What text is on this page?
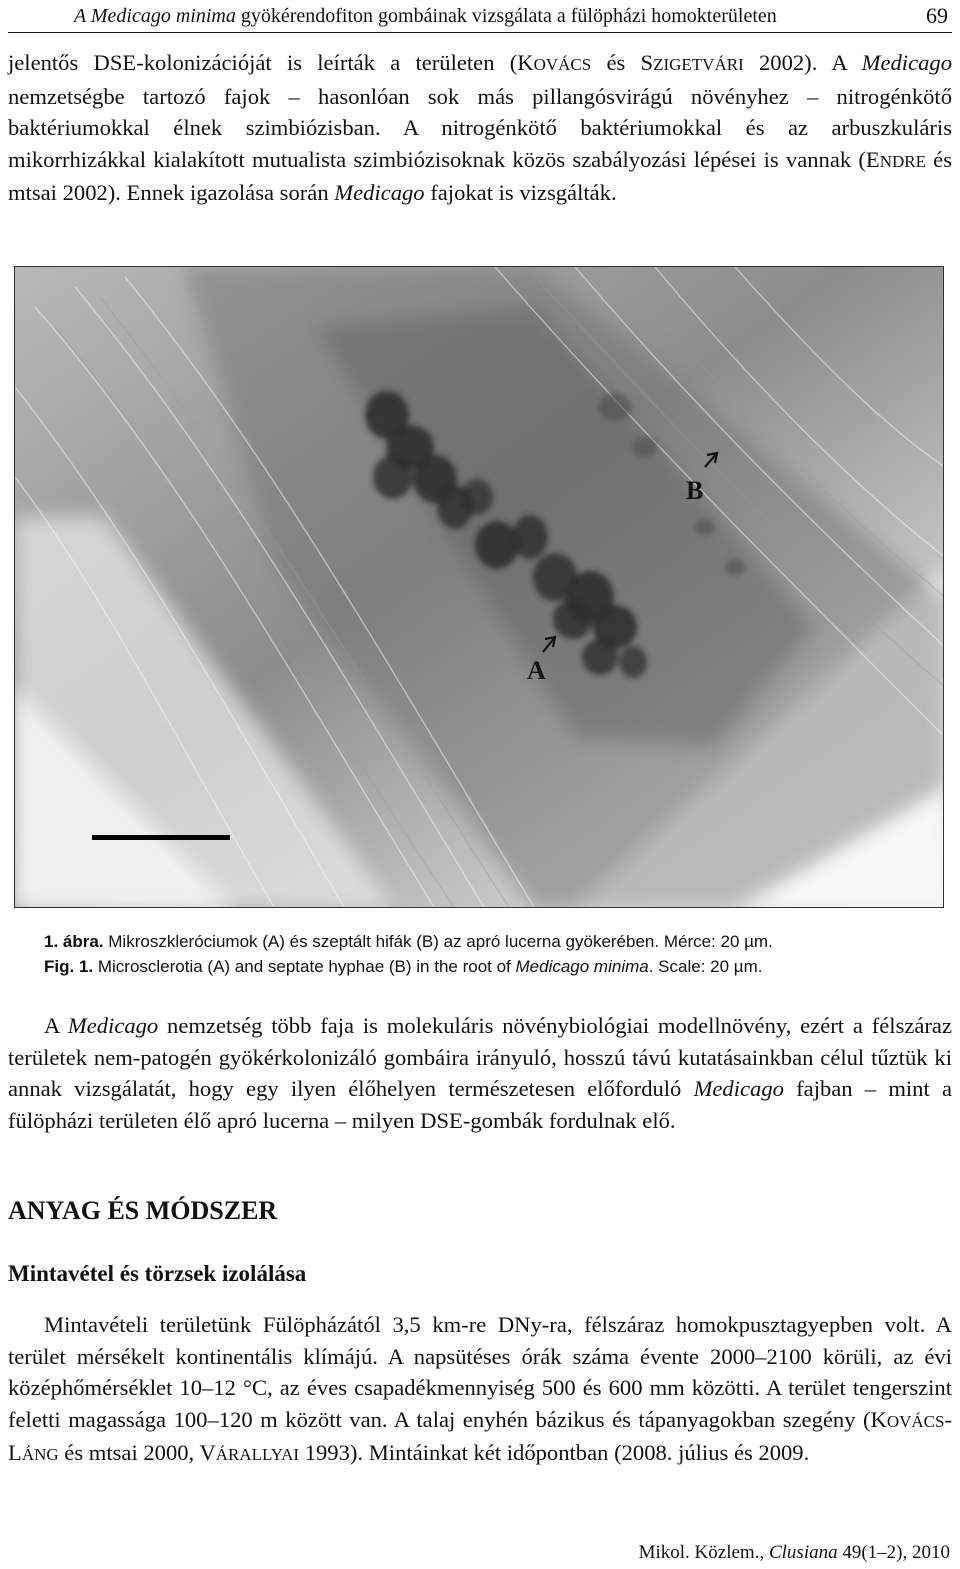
A Medicago minima gyökérendofiton gombáinak vizsgálata a fülöpházi homokterületen	69

jelentős DSE-kolonizációját is leírták a területen (KOVÁCS és SZIGETVÁRI 2002). A Medicago nemzetségbe tartozó fajok – hasonlóan sok más pillangósvirágú növényhez – nitrogénkötő baktériumokkal élnek szimbiózisban. A nitrogénkötő baktériumokkal és az arbuszkuláris mikorrhizákkal kialakított mutualista szimbiózisoknak közös szabályozási lépései is vannak (ENDRE és mtsai 2002). Ennek igazolása során Medicago fajokat is vizsgálták.

B
A
1. ábra. Mikroszkleróciumok (A) és szeptált hifák (B) az apró lucerna gyökerében. Mérce: 20 µm.
Fig. 1. Microsclerotia (A) and septate hyphae (B) in the root of Medicago minima. Scale: 20 µm.

A Medicago nemzetség több faja is molekuláris növénybiológiai modellnövény, ezért a félszáraz területek nem-patogén gyökérkolonizáló gombáira irányuló, hosszú távú kutatásainkban célul tűztük ki annak vizsgálatát, hogy egy ilyen élőhelyen természetesen előforduló Medicago fajban – mint a fülöpházi területen élő apró lucerna – milyen DSE-gombák fordulnak elő.

ANYAG ÉS MÓDSZER
Mintavétel és törzsek izolálása

Mintavételi területünk Fülöpházától 3,5 km-re DNy-ra, félszáraz homokpusztagyepben volt. A terület mérsékelt kontinentális klímájú. A napsütéses órák száma évente 2000–2100 körüli, az évi középhőmérséklet 10–12 °C, az éves csapadékmennyiség 500 és 600 mm közötti. A terület tengerszint feletti magassága 100–120 m között van. A talaj enyhén bázikus és tápanyagokban szegény (KOVÁCS-LÁNG és mtsai 2000, VÁRALLYAI 1993). Mintáinkat két időpontban (2008. július és 2009.

Mikol. Közlem., Clusiana 49(1–2), 2010
